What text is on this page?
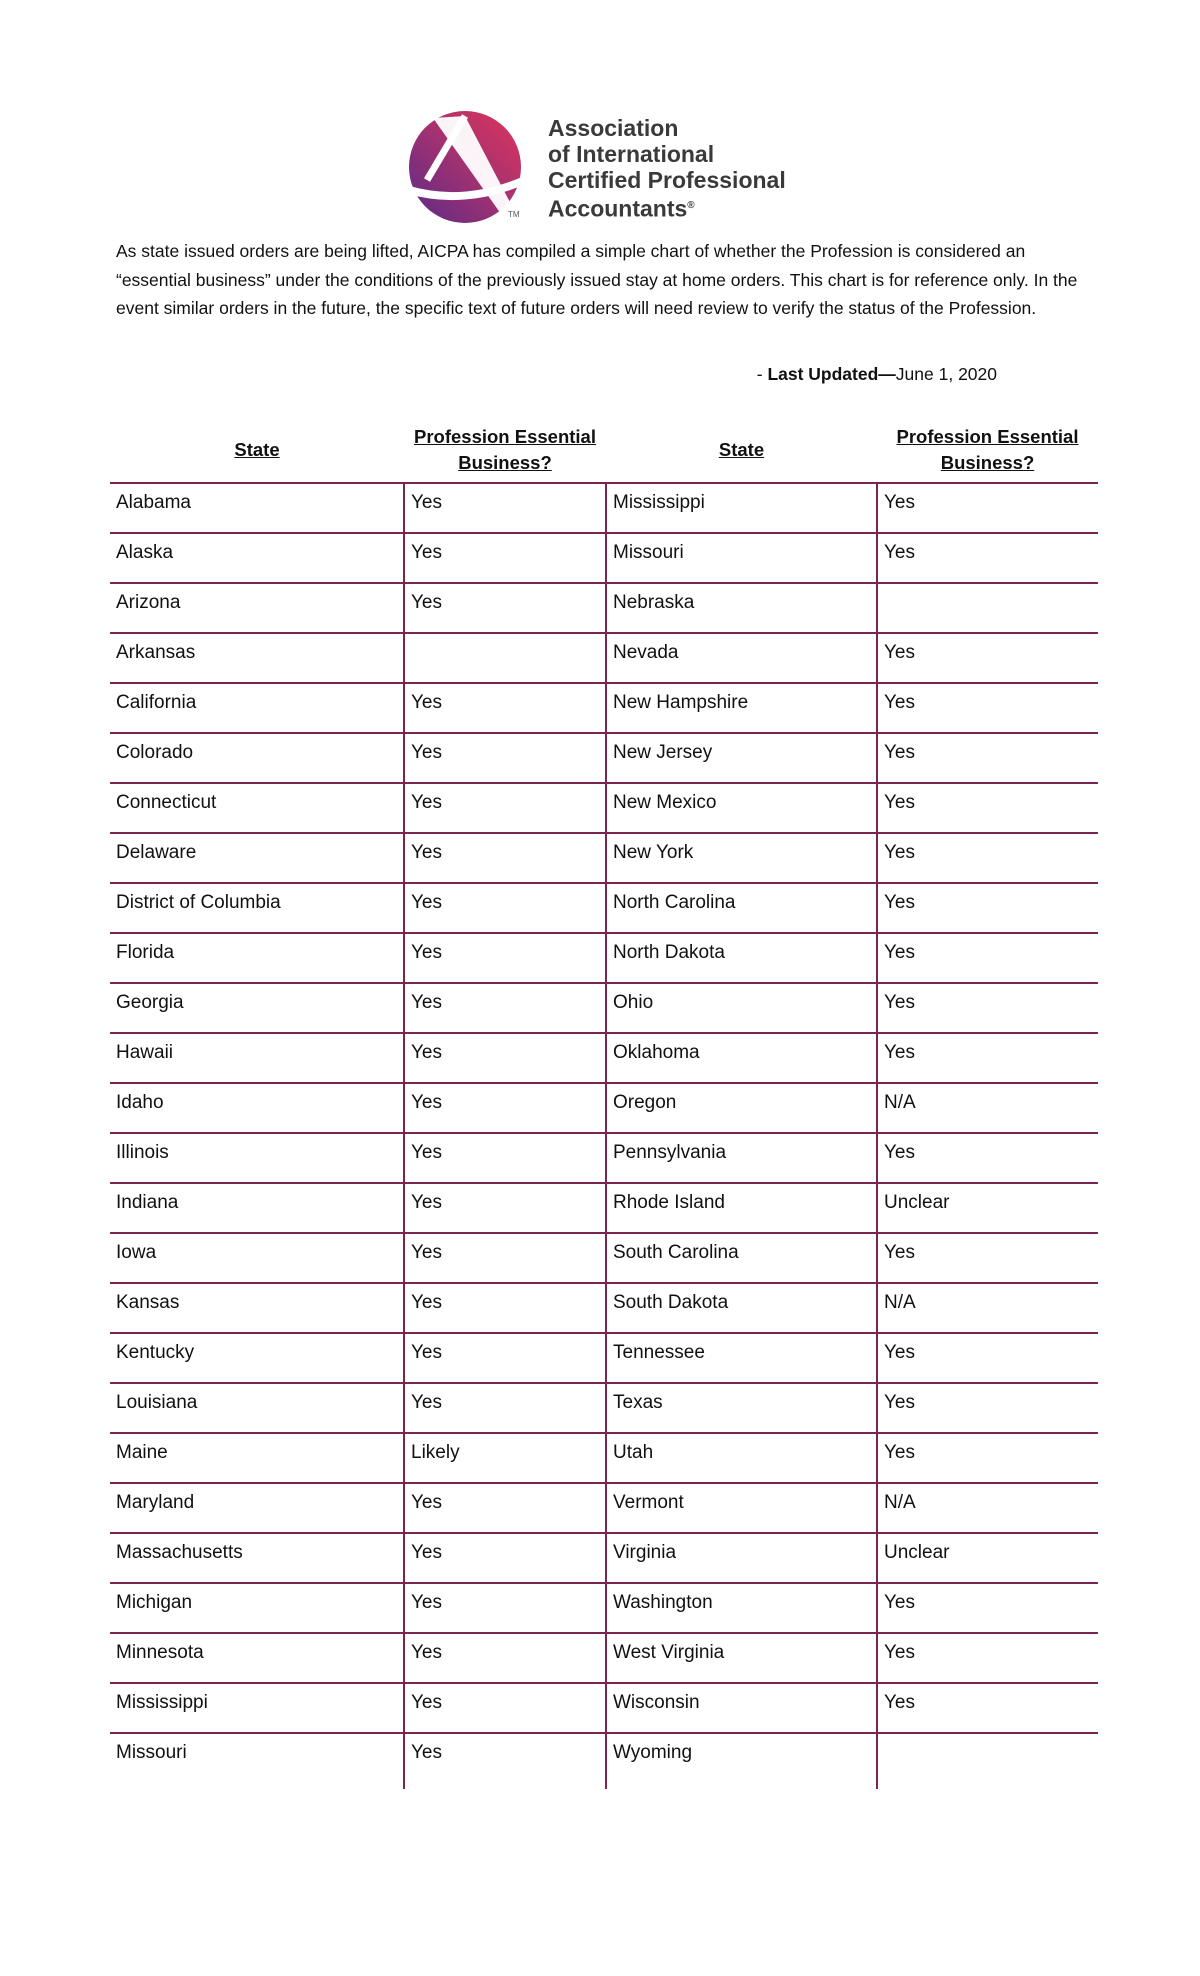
TM
Association
of International
Certified Professional
Accountants®

As state issued orders are being lifted, AICPA has compiled a simple chart of whether the Profession is considered an “essential business” under the conditions of the previously issued stay at home orders. This chart is for reference only. In the event similar orders in the future, the specific text of future orders will need review to verify the status of the Profession.

- Last Updated—June 1, 2020
State	Profession Essential Business?	State	Profession Essential Business?
Alabama	Yes	Mississippi	Yes
Alaska	Yes	Missouri	Yes
Arizona	Yes	Nebraska	
Arkansas		Nevada	Yes
California	Yes	New Hampshire	Yes
Colorado	Yes	New Jersey	Yes
Connecticut	Yes	New Mexico	Yes
Delaware	Yes	New York	Yes
District of Columbia	Yes	North Carolina	Yes
Florida	Yes	North Dakota	Yes
Georgia	Yes	Ohio	Yes
Hawaii	Yes	Oklahoma	Yes
Idaho	Yes	Oregon	N/A
Illinois	Yes	Pennsylvania	Yes
Indiana	Yes	Rhode Island	Unclear
Iowa	Yes	South Carolina	Yes
Kansas	Yes	South Dakota	N/A
Kentucky	Yes	Tennessee	Yes
Louisiana	Yes	Texas	Yes
Maine	Likely	Utah	Yes
Maryland	Yes	Vermont	N/A
Massachusetts	Yes	Virginia	Unclear
Michigan	Yes	Washington	Yes
Minnesota	Yes	West Virginia	Yes
Mississippi	Yes	Wisconsin	Yes
Missouri	Yes	Wyoming	
